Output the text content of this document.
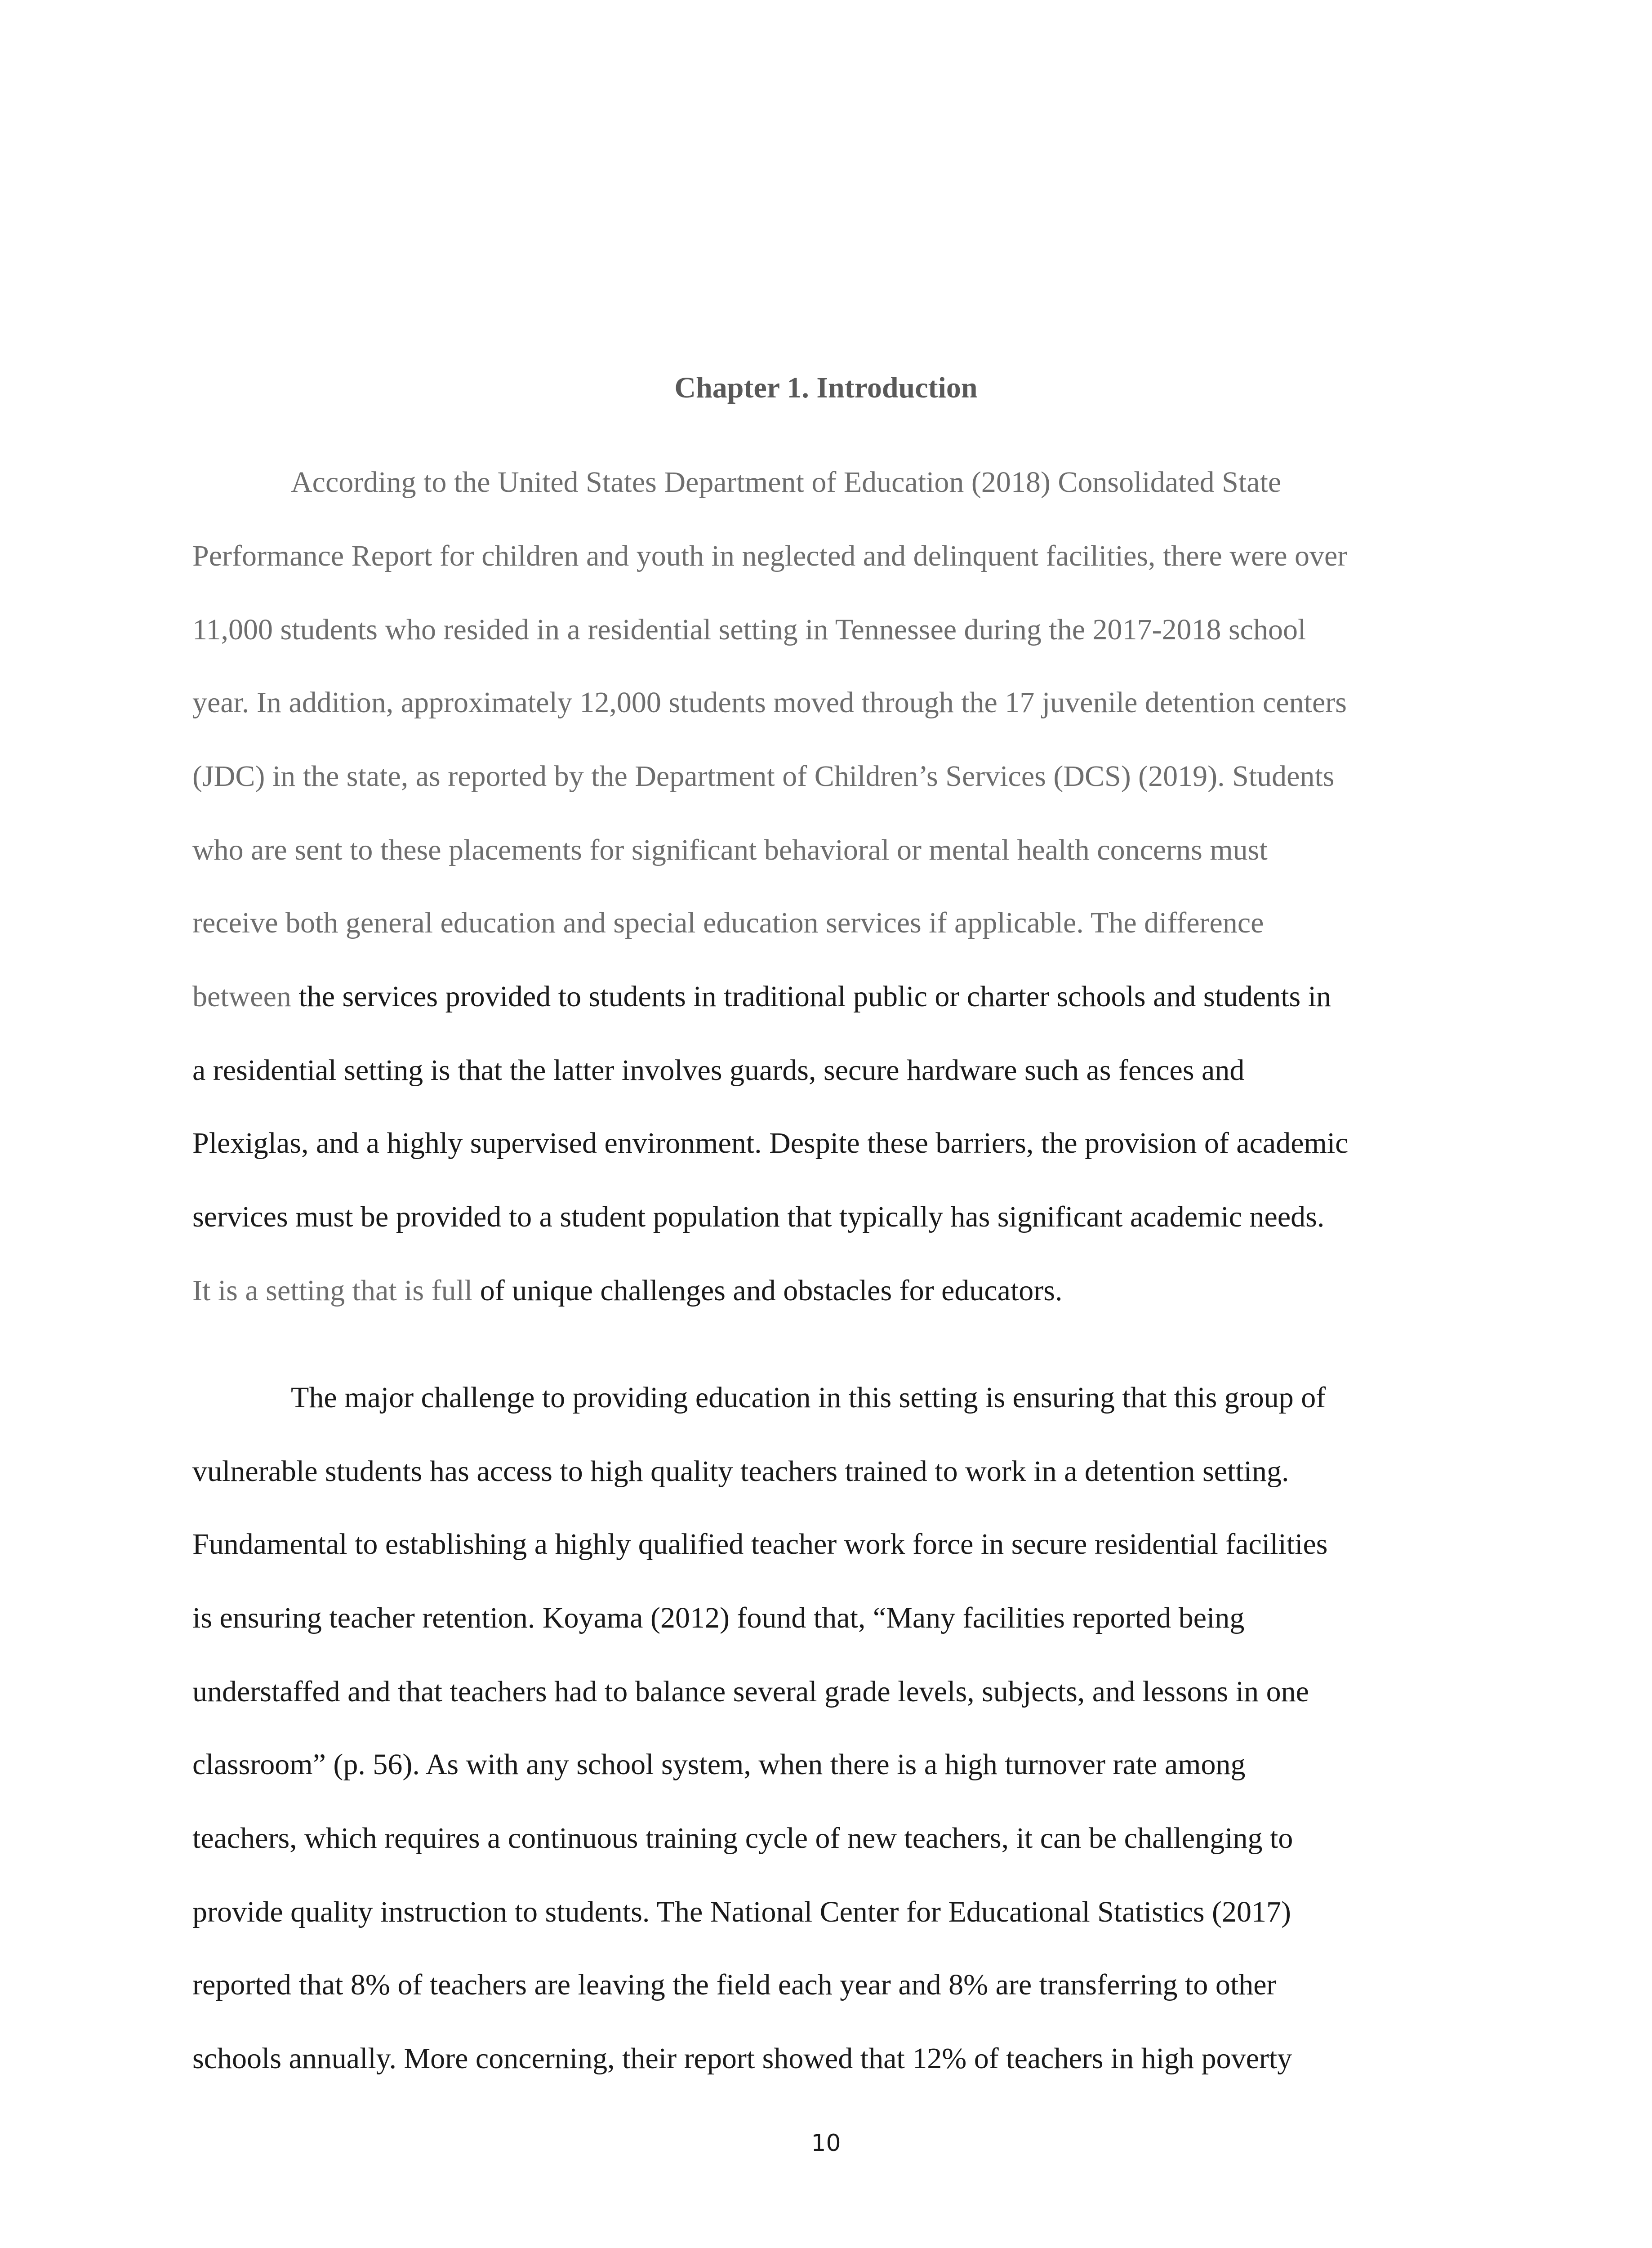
Chapter 1. Introduction
According to the United States Department of Education (2018) Consolidated State
Performance Report for children and youth in neglected and delinquent facilities, there were over
11,000 students who resided in a residential setting in Tennessee during the 2017-2018 school
year. In addition, approximately 12,000 students moved through the 17 juvenile detention centers
(JDC) in the state, as reported by the Department of Children’s Services (DCS) (2019). Students
who are sent to these placements for significant behavioral or mental health concerns must
receive both general education and special education services if applicable. The difference
between the services provided to students in traditional public or charter schools and students in
a residential setting is that the latter involves guards, secure hardware such as fences and
Plexiglas, and a highly supervised environment. Despite these barriers, the provision of academic
services must be provided to a student population that typically has significant academic needs.
It is a setting that is full of unique challenges and obstacles for educators.
The major challenge to providing education in this setting is ensuring that this group of
vulnerable students has access to high quality teachers trained to work in a detention setting.
Fundamental to establishing a highly qualified teacher work force in secure residential facilities
is ensuring teacher retention. Koyama (2012) found that, “Many facilities reported being
understaffed and that teachers had to balance several grade levels, subjects, and lessons in one
classroom” (p. 56). As with any school system, when there is a high turnover rate among
teachers, which requires a continuous training cycle of new teachers, it can be challenging to
provide quality instruction to students. The National Center for Educational Statistics (2017)
reported that 8% of teachers are leaving the field each year and 8% are transferring to other
schools annually. More concerning, their report showed that 12% of teachers in high poverty
10
